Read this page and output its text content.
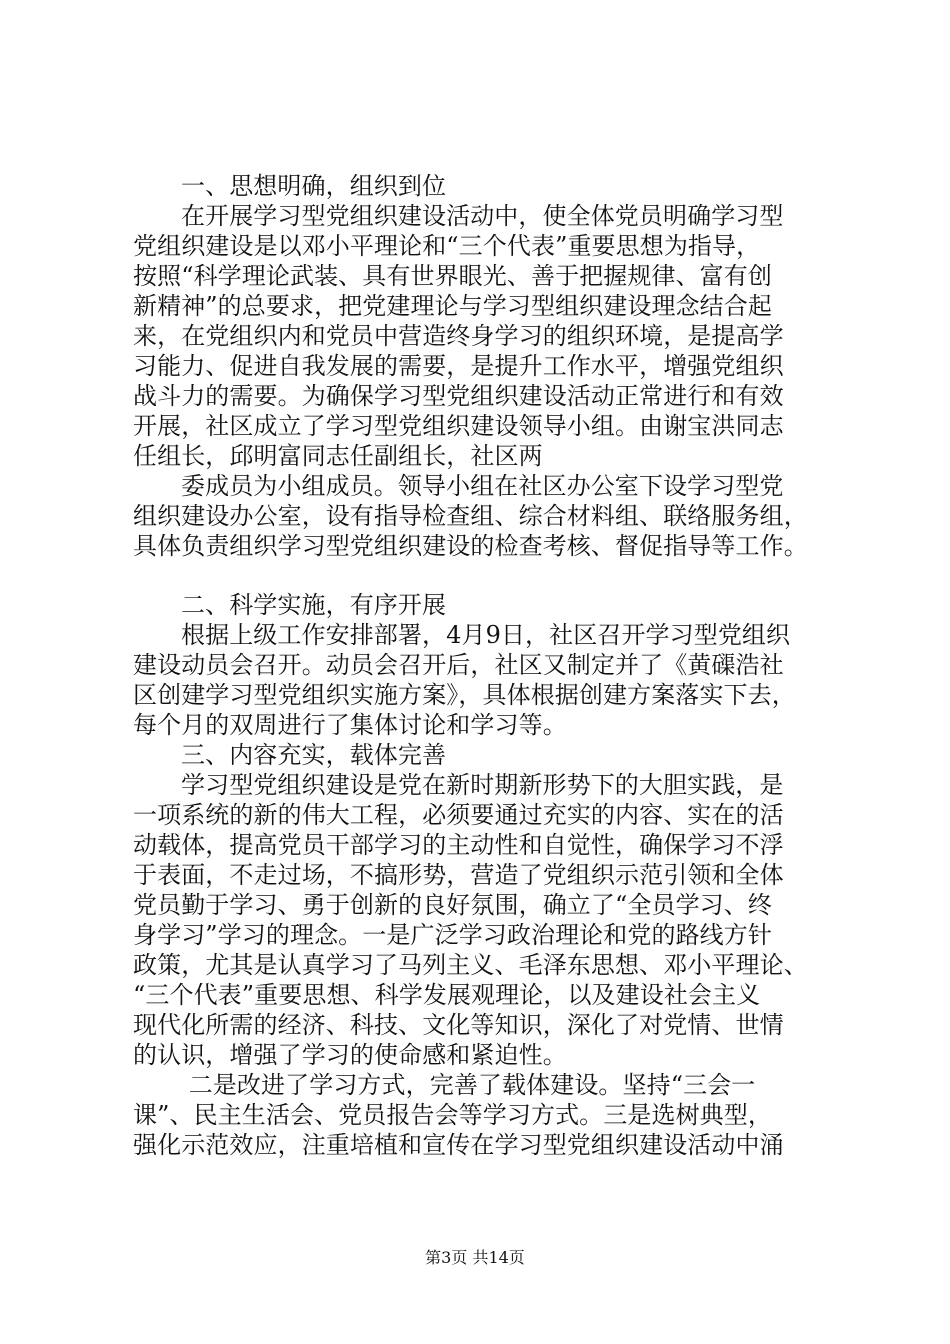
一、思想明确，组织到位

在开展学习型党组织建设活动中，使全体党员明确学习型

党组织建设是以邓小平理论和“三个代表”重要思想为指导，

按照“科学理论武装、具有世界眼光、善于把握规律、富有创

新精神”的总要求，把党建理论与学习型组织建设理念结合起

来，在党组织内和党员中营造终身学习的组织环境，是提高学

习能力、促进自我发展的需要，是提升工作水平，增强党组织

战斗力的需要。为确保学习型党组织建设活动正常进行和有效

开展，社区成立了学习型党组织建设领导小组。由谢宝洪同志

任组长，邱明富同志任副组长，社区两

委成员为小组成员。领导小组在社区办公室下设学习型党

组织建设办公室，设有指导检查组、综合材料组、联络服务组，

具体负责组织学习型党组织建设的检查考核、督促指导等工作。

二、科学实施，有序开展

根据上级工作安排部署，4月9日，社区召开学习型党组织

建设动员会召开。动员会召开后，社区又制定并了《黄磲浩社

区创建学习型党组织实施方案》，具体根据创建方案落实下去，

每个月的双周进行了集体讨论和学习等。

三、内容充实，载体完善

学习型党组织建设是党在新时期新形势下的大胆实践，是

一项系统的新的伟大工程，必须要通过充实的内容、实在的活

动载体，提高党员干部学习的主动性和自觉性，确保学习不浮

于表面，不走过场，不搞形势，营造了党组织示范引领和全体

党员勤于学习、勇于创新的良好氛围，确立了“全员学习、终

身学习”学习的理念。一是广泛学习政治理论和党的路线方针

政策，尤其是认真学习了马列主义、毛泽东思想、邓小平理论、

“三个代表”重要思想、科学发展观理论，以及建设社会主义

现代化所需的经济、科技、文化等知识，深化了对党情、世情

的认识，增强了学习的使命感和紧迫性。

二是改进了学习方式，完善了载体建设。坚持“三会一

课”、民主生活会、党员报告会等学习方式。三是选树典型，

强化示范效应，注重培植和宣传在学习型党组织建设活动中涌

第3页 共14页
